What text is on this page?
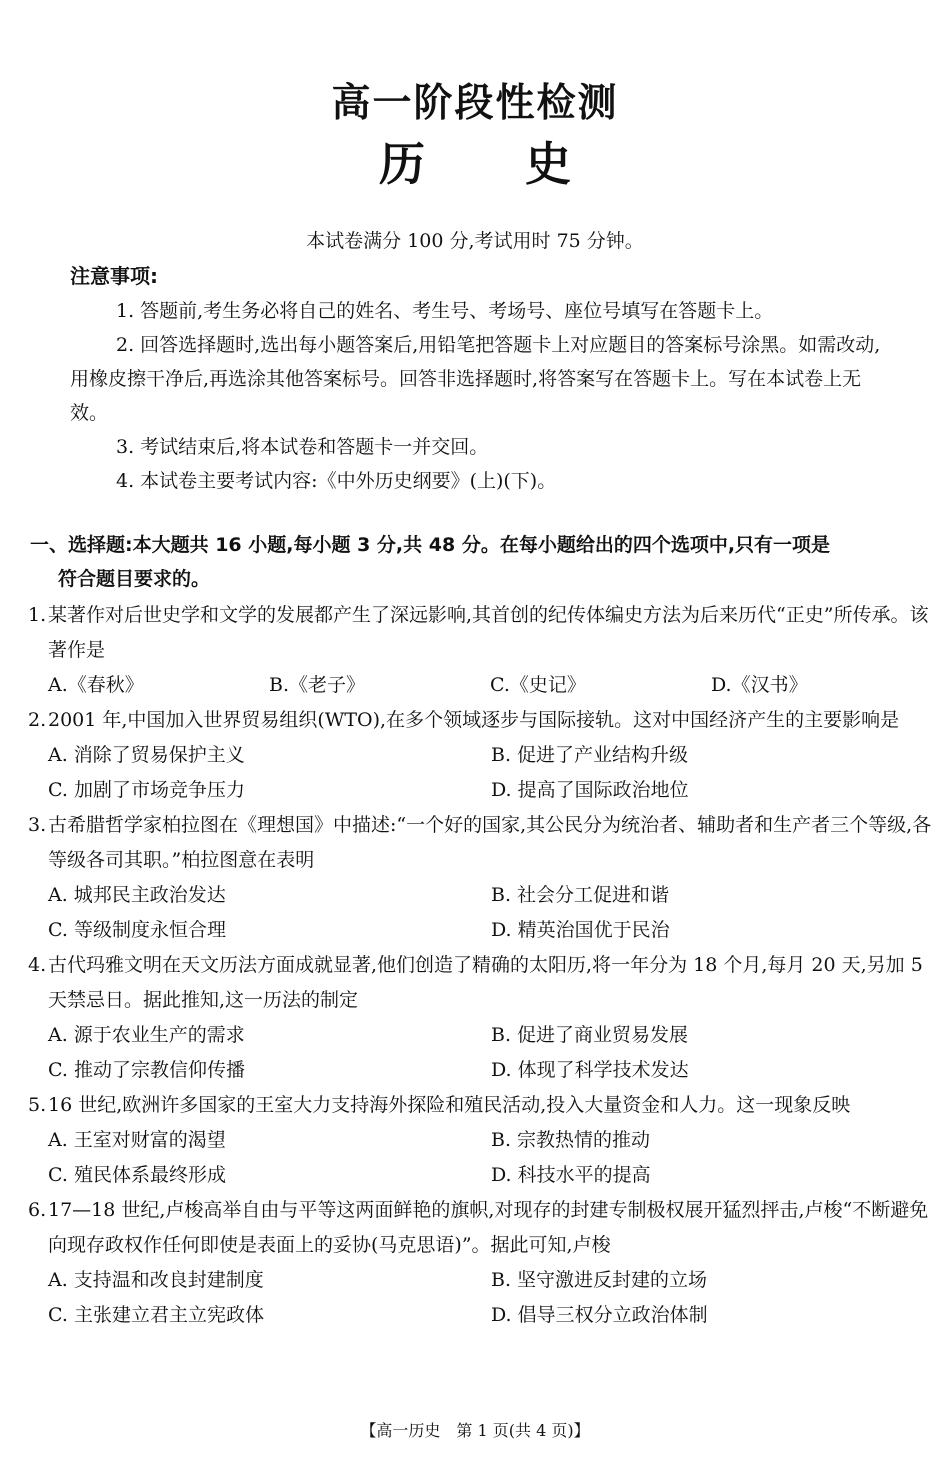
高一阶段性检测
历 史
本试卷满分 100 分,考试用时 75 分钟。
注意事项:

1. 答题前,考生务必将自己的姓名、考生号、考场号、座位号填写在答题卡上。

2. 回答选择题时,选出每小题答案后,用铅笔把答题卡上对应题目的答案标号涂黑。如需改动,用橡皮擦干净后,再选涂其他答案标号。回答非选择题时,将答案写在答题卡上。写在本试卷上无效。

3. 考试结束后,将本试卷和答题卡一并交回。

4. 本试卷主要考试内容:《中外历史纲要》(上)(下)。

一、选择题:本大题共 16 小题,每小题 3 分,共 48 分。在每小题给出的四个选项中,只有一项是
符合题目要求的。
1. 某著作对后世史学和文学的发展都产生了深远影响,其首创的纪传体编史方法为后来历代“正史”所传承。该著作是
A.《春秋》	B.《老子》	C.《史记》	D.《汉书》
2. 2001 年,中国加入世界贸易组织(WTO),在多个领域逐步与国际接轨。这对中国经济产生的主要影响是
A. 消除了贸易保护主义	B. 促进了产业结构升级
C. 加剧了市场竞争压力	D. 提高了国际政治地位
3. 古希腊哲学家柏拉图在《理想国》中描述:“一个好的国家,其公民分为统治者、辅助者和生产者三个等级,各等级各司其职。”柏拉图意在表明
A. 城邦民主政治发达	B. 社会分工促进和谐
C. 等级制度永恒合理	D. 精英治国优于民治
4. 古代玛雅文明在天文历法方面成就显著,他们创造了精确的太阳历,将一年分为 18 个月,每月 20 天,另加 5 天禁忌日。据此推知,这一历法的制定
A. 源于农业生产的需求	B. 促进了商业贸易发展
C. 推动了宗教信仰传播	D. 体现了科学技术发达
5. 16 世纪,欧洲许多国家的王室大力支持海外探险和殖民活动,投入大量资金和人力。这一现象反映
A. 王室对财富的渴望	B. 宗教热情的推动
C. 殖民体系最终形成	D. 科技水平的提高
6. 17—18 世纪,卢梭高举自由与平等这两面鲜艳的旗帜,对现存的封建专制极权展开猛烈抨击,卢梭“不断避免向现存政权作任何即使是表面上的妥协(马克思语)”。据此可知,卢梭
A. 支持温和改良封建制度	B. 坚守激进反封建的立场
C. 主张建立君主立宪政体	D. 倡导三权分立政治体制
【高一历史　第 1 页(共 4 页)】
